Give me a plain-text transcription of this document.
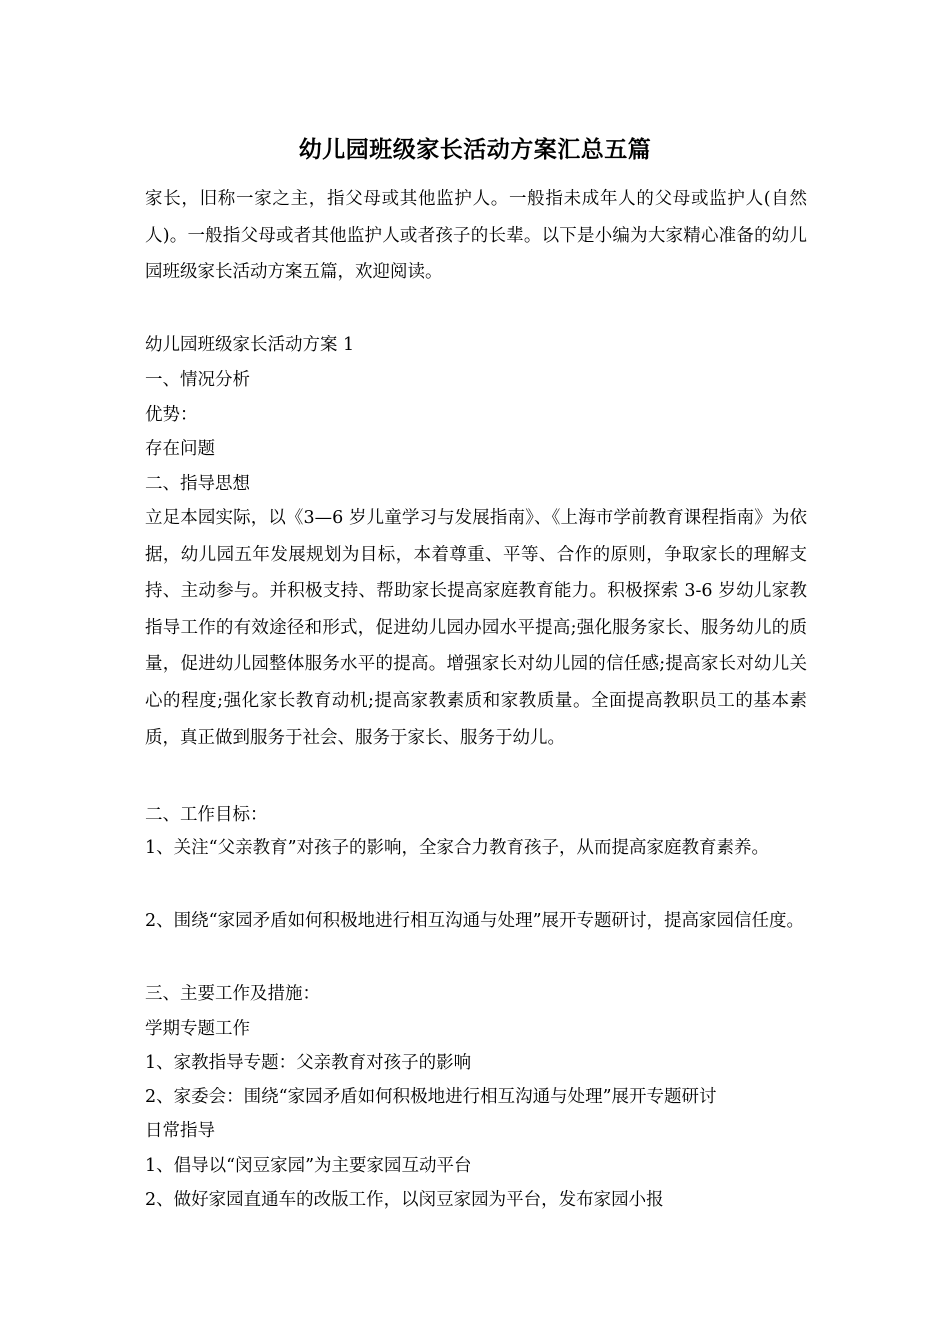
幼儿园班级家长活动方案汇总五篇
家长，旧称一家之主，指父母或其他监护人。一般指未成年人的父母或监护人(自然人)。一般指父母或者其他监护人或者孩子的长辈。以下是小编为大家精心准备的幼儿园班级家长活动方案五篇，欢迎阅读。
幼儿园班级家长活动方案 1
一、情况分析
优势：
存在问题
二、指导思想
立足本园实际，以《3—6 岁儿童学习与发展指南》、《上海市学前教育课程指南》为依据，幼儿园五年发展规划为目标，本着尊重、平等、合作的原则，争取家长的理解支持、主动参与。并积极支持、帮助家长提高家庭教育能力。积极探索 3-6 岁幼儿家教指导工作的有效途径和形式，促进幼儿园办园水平提高;强化服务家长、服务幼儿的质量，促进幼儿园整体服务水平的提高。增强家长对幼儿园的信任感;提高家长对幼儿关心的程度;强化家长教育动机;提高家教素质和家教质量。全面提高教职员工的基本素质，真正做到服务于社会、服务于家长、服务于幼儿。
二、工作目标：
1、关注“父亲教育”对孩子的影响，全家合力教育孩子，从而提高家庭教育素养。
2、围绕“家园矛盾如何积极地进行相互沟通与处理”展开专题研讨，提高家园信任度。
三、主要工作及措施：
学期专题工作
1、家教指导专题：父亲教育对孩子的影响
2、家委会：围绕“家园矛盾如何积极地进行相互沟通与处理”展开专题研讨
日常指导
1、倡导以“闵豆家园”为主要家园互动平台
2、做好家园直通车的改版工作，以闵豆家园为平台，发布家园小报
